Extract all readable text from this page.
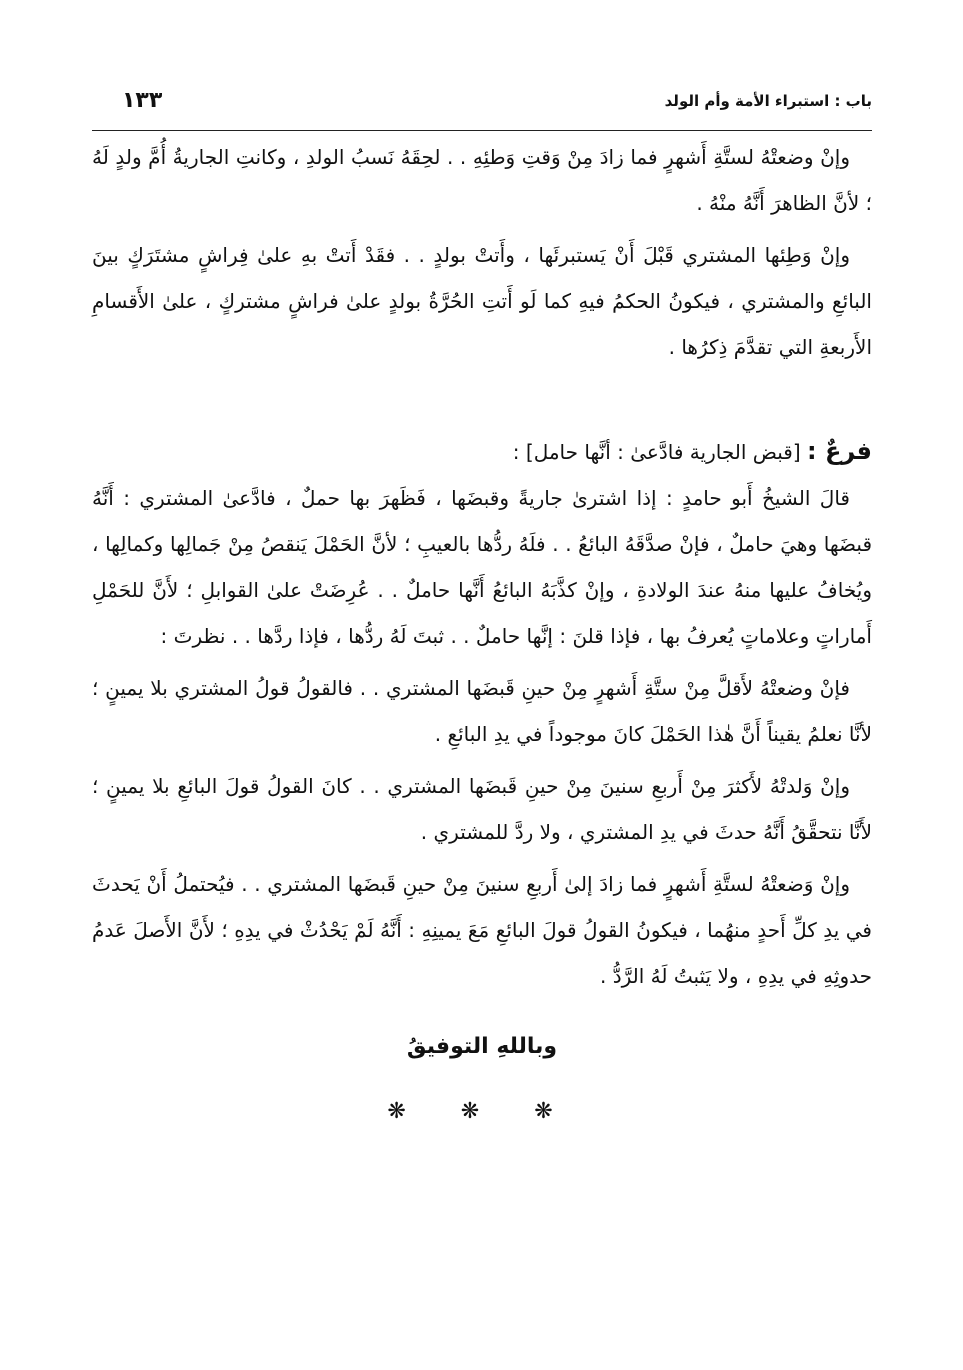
باب : استبراء الأمة وأم الولد
١٣٣

وإنْ وضعتْهُ لستَّةِ أَشهرٍ فما زادَ مِنْ وَقتِ وَطئِهِ . . لحِقَهُ نَسبُ الولدِ ، وكانتِ الجاريةُ أُمَّ ولدٍ لَهُ ؛ لأنَّ الظاهرَ أَنَّهُ منْهُ .

وإنْ وَطِئها المشتري قَبْلَ أَنْ يَستبرئَها ، وأَتتْ بولدٍ . . فقَدْ أَتتْ بهِ علىٰ فِراشٍ مشتَرَكٍ بينَ البائعِ والمشتري ، فيكونُ الحكمُ فيهِ كما لَو أَتتِ الحُرَّةُ بولدٍ علىٰ فراشٍ مشتركٍ ، علىٰ الأَقسامِ الأَربعةِ التي تقدَّمَ ذِكرُها .

فرعٌ : [قبض الجارية فادَّعىٰ : أنَّها حامل] :

قالَ الشيخُ أَبو حامدٍ : إذا اشترىٰ جاريةً وقبضَها ، فَظَهرَ بها حملٌ ، فادَّعىٰ المشتري : أَنَّهُ قبضَها وهيَ حاملٌ ، فإنْ صدَّقَهُ البائعُ . . فلَهُ ردُّها بالعيبِ ؛ لأنَّ الحَمْلَ يَنقصُ مِنْ جَمالِها وكمالِها ، ويُخافُ عليها منهُ عندَ الولادةِ ، وإنْ كذَّبَهُ البائعُ أَنَّها حاملٌ . . عُرِضَتْ علىٰ القوابلِ ؛ لأَنَّ للحَمْلِ أَماراتٍ وعلاماتٍ يُعرفُ بها ، فإذا قلنَ : إنَّها حاملٌ . . ثبتَ لَهُ ردُّها ، فإذا ردَّها . . نظرتَ :

فإنْ وضعتْهُ لأَقلَّ مِنْ ستَّةِ أَشهرٍ مِنْ حينِ قَبضَها المشتري . . فالقولُ قولُ المشتري بلا يمينٍ ؛ لأنَّا نعلمُ يقيناً أَنَّ هٰذا الحَمْلَ كانَ موجوداً في يدِ البائعِ .

وإنْ وَلدتْهُ لأَكثرَ مِنْ أَربعِ سنينَ مِنْ حينِ قَبضَها المشتري . . كانَ القولُ قولَ البائعِ بلا يمينٍ ؛ لأَنَّا نتحقَّقُ أَنَّهُ حدثَ في يدِ المشتري ، ولا ردَّ للمشتري .

وإنْ وَضعتْهُ لستَّةِ أَشهرٍ فما زادَ إلىٰ أَربعِ سنينَ مِنْ حينِ قَبضَها المشتري . . فيُحتملُ أَنْ يَحدثَ في يدِ كلِّ أَحدٍ منهُما ، فيكونُ القولُ قولَ البائعِ مَعَ يمينِهِ : أَنَّهُ لَمْ يَحْدُثْ في يدِهِ ؛ لأَنَّ الأَصلَ عَدمُ حدوثِهِ في يدِهِ ، ولا يَثبتُ لَهُ الرَّدُّ .

وباللهِ التوفيقُ
❋ ❋ ❋
